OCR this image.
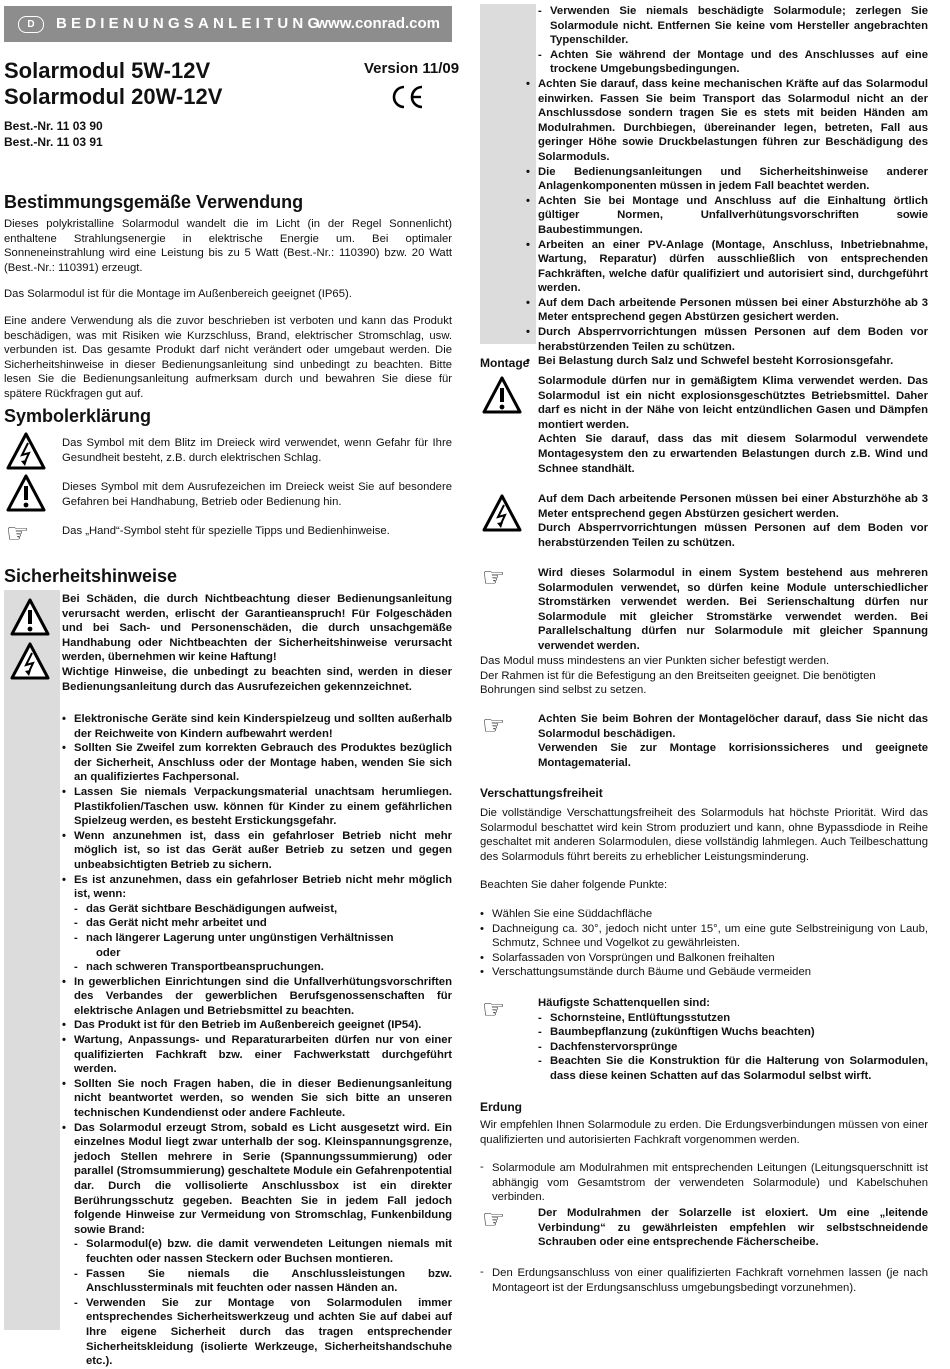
D	BEDIENUNGSANLEITUNG
www.conrad.com
Solarmodul 5W-12V
Solarmodul 20W-12V
Best.-Nr. 11 03 90
Best.-Nr. 11 03 91
Version 11/09
Bestimmungsgemäße Verwendung

Dieses polykristalline Solarmodul wandelt die im Licht (in der Regel Sonnenlicht) enthaltene Strahlungsenergie in elektrische Energie um. Bei optimaler Sonneneinstrahlung wird eine Leistung bis zu 5 Watt (Best.-Nr.: 110390) bzw. 20 Watt (Best.-Nr.: 110391) erzeugt.

Das Solarmodul ist für die Montage im Außenbereich geeignet (IP65).

Eine andere Verwendung als die zuvor beschrieben ist verboten und kann das Produkt beschädigen, was mit Risiken wie Kurzschluss, Brand, elektrischer Stromschlag, usw. verbunden ist. Das gesamte Produkt darf nicht verändert oder umgebaut werden. Die Sicherheitshinweise in dieser Bedienungsanleitung sind unbedingt zu beachten. Bitte lesen Sie die Bedienungsanleitung aufmerksam durch und bewahren Sie diese für spätere Rückfragen gut auf.

Symbolerklärung

Das Symbol mit dem Blitz im Dreieck wird verwendet, wenn Gefahr für Ihre Gesundheit besteht, z.B. durch elektrischen Schlag.

Dieses Symbol mit dem Ausrufezeichen im Dreieck weist Sie auf besondere Gefahren bei Handhabung, Betrieb oder Bedienung hin.

☞	Das „Hand“-Symbol steht für spezielle Tipps und Bedienhinweise.

Sicherheitshinweise

Bei Schäden, die durch Nichtbeachtung dieser Bedienungsanleitung verursacht werden, erlischt der Garantieanspruch! Für Folgeschäden und bei Sach- und Personenschäden, die durch unsachgemäße Handhabung oder Nichtbeachten der Sicherheitshinweise verursacht werden, übernehmen wir keine Haftung!

Wichtige Hinweise, die unbedingt zu beachten sind, werden in dieser Bedienungsanleitung durch das Ausrufezeichen gekennzeichnet.

• Elektronische Geräte sind kein Kinderspielzeug und sollten außerhalb der Reichweite von Kindern aufbewahrt werden!
• Sollten Sie Zweifel zum korrekten Gebrauch des Produktes bezüglich der Sicherheit, Anschluss oder der Montage haben, wenden Sie sich an qualifiziertes Fachpersonal.
• Lassen Sie niemals Verpackungsmaterial unachtsam herumliegen. Plastikfolien/Taschen usw. können für Kinder zu einem gefährlichen Spielzeug werden, es besteht Erstickungsgefahr.
• Wenn anzunehmen ist, dass ein gefahrloser Betrieb nicht mehr möglich ist, so ist das Gerät außer Betrieb zu setzen und gegen unbeabsichtigten Betrieb zu sichern.
• Es ist anzunehmen, dass ein gefahrloser Betrieb nicht mehr möglich ist, wenn:
- das Gerät sichtbare Beschädigungen aufweist,
- das Gerät nicht mehr arbeitet und
- nach längerer Lagerung unter ungünstigen Verhältnissen
oder
- nach schweren Transportbeanspruchungen.
• In gewerblichen Einrichtungen sind die Unfallverhütungsvorschriften des Verbandes der gewerblichen Berufsgenossenschaften für elektrische Anlagen und Betriebsmittel zu beachten.
• Das Produkt ist für den Betrieb im Außenbereich geeignet (IP54).
• Wartung, Anpassungs- und Reparaturarbeiten dürfen nur von einer qualifizierten Fachkraft bzw. einer Fachwerkstatt durchgeführt werden.
• Sollten Sie noch Fragen haben, die in dieser Bedienungsanleitung nicht beantwortet werden, so wenden Sie sich bitte an unseren technischen Kundendienst oder andere Fachleute.
• Das Solarmodul erzeugt Strom, sobald es Licht ausgesetzt wird. Ein einzelnes Modul liegt zwar unterhalb der sog. Kleinspannungsgrenze, jedoch Stellen mehrere in Serie (Spannungssummierung) oder parallel (Stromsummierung) geschaltete Module ein Gefahrenpotential dar. Durch die vollisolierte Anschlussbox ist ein direkter Berührungsschutz gegeben. Beachten Sie in jedem Fall jedoch folgende Hinweise zur Vermeidung von Stromschlag, Funkenbildung sowie Brand:
- Solarmodul(e) bzw. die damit verwendeten Leitungen niemals mit feuchten oder nassen Steckern oder Buchsen montieren.
- Fassen Sie niemals die Anschlussleistungen bzw. Anschlussterminals mit feuchten oder nassen Händen an.
- Verwenden Sie zur Montage von Solarmodulen immer entsprechendes Sicherheitswerkzeug und achten Sie auf dabei auf Ihre eigene Sicherheit durch das tragen entsprechender Sicherheitskleidung (isolierte Werkzeuge, Sicherheitshandschuhe etc.).
- Verwenden Sie niemals beschädigte Solarmodule; zerlegen Sie Solarmodule nicht. Entfernen Sie keine vom Hersteller angebrachten Typenschilder.
- Achten Sie während der Montage und des Anschlusses auf eine trockene Umgebungsbedingungen.
• Achten Sie darauf, dass keine mechanischen Kräfte auf das Solarmodul einwirken. Fassen Sie beim Transport das Solarmodul nicht an der Anschlussdose sondern tragen Sie es stets mit beiden Händen am Modulrahmen. Durchbiegen, übereinander legen, betreten, Fall aus geringer Höhe sowie Druckbelastungen führen zur Beschädigung des Solarmoduls.
• Die Bedienungsanleitungen und Sicherheitshinweise anderer Anlagenkomponenten müssen in jedem Fall beachtet werden.
• Achten Sie bei Montage und Anschluss auf die Einhaltung örtlich gültiger Normen, Unfallverhütungsvorschriften sowie Baubestimmungen.
• Arbeiten an einer PV-Anlage (Montage, Anschluss, Inbetriebnahme, Wartung, Reparatur) dürfen ausschließlich von entsprechenden Fachkräften, welche dafür qualifiziert und autorisiert sind, durchgeführt werden.
• Auf dem Dach arbeitende Personen müssen bei einer Absturzhöhe ab 3 Meter entsprechend gegen Abstürzen gesichert werden.
• Durch Absperrvorrichtungen müssen Personen auf dem Boden vor herabstürzenden Teilen zu schützen.
• Bei Belastung durch Salz und Schwefel besteht Korrosionsgefahr.
Montage

Solarmodule dürfen nur in gemäßigtem Klima verwendet werden. Das Solarmodul ist ein nicht explosionsgeschütztes Betriebsmittel. Daher darf es nicht in der Nähe von leicht entzündlichen Gasen und Dämpfen montiert werden.

Achten Sie darauf, dass das mit diesem Solarmodul verwendete Montagesystem den zu erwartenden Belastungen durch z.B. Wind und Schnee standhält.

Auf dem Dach arbeitende Personen müssen bei einer Absturzhöhe ab 3 Meter entsprechend gegen Abstürzen gesichert werden.

Durch Absperrvorrichtungen müssen Personen auf dem Boden vor herabstürzenden Teilen zu schützen.

☞	Wird dieses Solarmodul in einem System bestehend aus mehreren Solarmodulen verwendet, so dürfen keine Module unterschiedlicher Stromstärken verwendet werden. Bei Serienschaltung dürfen nur Solarmodule mit gleicher Stromstärke verwendet werden. Bei Parallelschaltung dürfen nur Solarmodule mit gleicher Spannung verwendet werden.

Das Modul muss mindestens an vier Punkten sicher befestigt werden.

Der Rahmen ist für die Befestigung an den Breitseiten geeignet. Die benötigten Bohrungen sind selbst zu setzen.

☞	Achten Sie beim Bohren der Montagelöcher darauf, dass Sie nicht das Solarmodul beschädigen.

Verwenden Sie zur Montage korrisionssicheres und geeignete Montagematerial.

Verschattungsfreiheit

Die vollständige Verschattungsfreiheit des Solarmoduls hat höchste Priorität. Wird das Solarmodul beschattet wird kein Strom produziert und kann, ohne Bypassdiode in Reihe geschaltet mit anderen Solarmodulen, diese vollständig lahmlegen. Auch Teilbeschattung des Solarmoduls führt bereits zu erheblicher Leistungsminderung.

Beachten Sie daher folgende Punkte:

• Wählen Sie eine Süddachfläche
• Dachneigung ca. 30°, jedoch nicht unter 15°, um eine gute Selbstreinigung von Laub, Schmutz, Schnee und Vogelkot zu gewährleisten.
• Solarfassaden von Vorsprüngen und Balkonen freihalten
• Verschattungsumstände durch Bäume und Gebäude vermeiden
☞	Häufigste Schattenquellen sind:

- Schornsteine, Entlüftungsstutzen
- Baumbepflanzung (zukünftigen Wuchs beachten)
- Dachfenstervorsprünge
- Beachten Sie die Konstruktion für die Halterung von Solarmodulen, dass diese keinen Schatten auf das Solarmodul selbst wirft.
Erdung

Wir empfehlen Ihnen Solarmodule zu erden. Die Erdungsverbindungen müssen von einer qualifizierten und autorisierten Fachkraft vorgenommen werden.

- Solarmodule am Modulrahmen mit entsprechenden Leitungen (Leitungsquerschnitt ist abhängig vom Gesamtstrom der verwendeten Solarmodule) und Kabelschuhen verbinden.

☞	Der Modulrahmen der Solarzelle ist eloxiert. Um eine „leitende Verbindung“ zu gewährleisten empfehlen wir selbstschneidende Schrauben oder eine entsprechende Fächerscheibe.

- Den Erdungsanschluss von einer qualifizierten Fachkraft vornehmen lassen (je nach Montageort ist der Erdungsanschluss umgebungsbedingt vorzunehmen).
